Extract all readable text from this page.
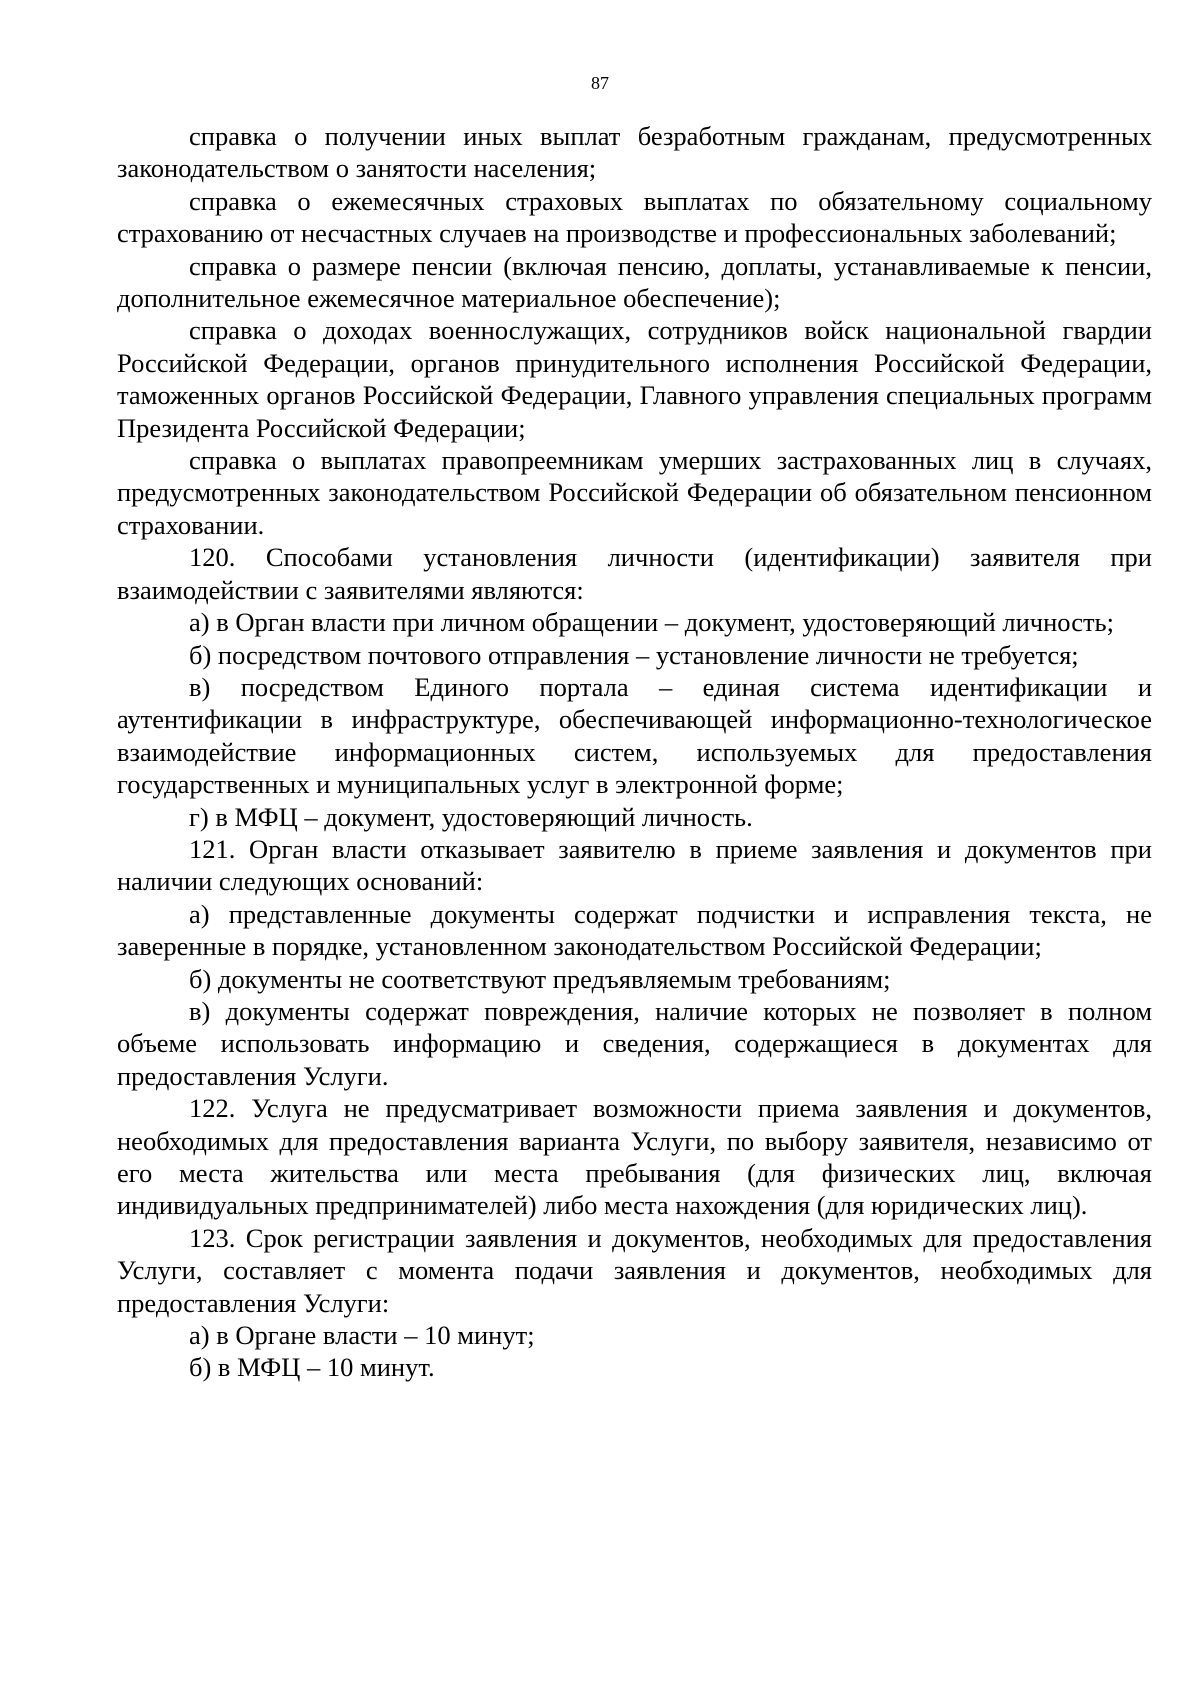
87

справка о получении иных выплат безработным гражданам, предусмотренных законодательством о занятости населения;

справка о ежемесячных страховых выплатах по обязательному социальному страхованию от несчастных случаев на производстве и профессиональных заболеваний;

справка о размере пенсии (включая пенсию, доплаты, устанавливаемые к пенсии, дополнительное ежемесячное материальное обеспечение);

справка о доходах военнослужащих, сотрудников войск национальной гвардии Российской Федерации, органов принудительного исполнения Российской Федерации, таможенных органов Российской Федерации, Главного управления специальных программ Президента Российской Федерации;

справка о выплатах правопреемникам умерших застрахованных лиц в случаях, предусмотренных законодательством Российской Федерации об обязательном пенсионном страховании.

120. Способами установления личности (идентификации) заявителя при взаимодействии с заявителями являются:

а) в Орган власти при личном обращении – документ, удостоверяющий личность;

б) посредством почтового отправления – установление личности не требуется;

в) посредством Единого портала – единая система идентификации и аутентификации в инфраструктуре, обеспечивающей информационно-технологическое взаимодействие информационных систем, используемых для предоставления государственных и муниципальных услуг в электронной форме;

г) в МФЦ – документ, удостоверяющий личность.

121. Орган власти отказывает заявителю в приеме заявления и документов при наличии следующих оснований:

а) представленные документы содержат подчистки и исправления текста, не заверенные в порядке, установленном законодательством Российской Федерации;

б) документы не соответствуют предъявляемым требованиям;

в) документы содержат повреждения, наличие которых не позволяет в полном объеме использовать информацию и сведения, содержащиеся в документах для предоставления Услуги.

122. Услуга не предусматривает возможности приема заявления и документов, необходимых для предоставления варианта Услуги, по выбору заявителя, независимо от его места жительства или места пребывания (для физических лиц, включая индивидуальных предпринимателей) либо места нахождения (для юридических лиц).

123. Срок регистрации заявления и документов, необходимых для предоставления Услуги, составляет с момента подачи заявления и документов, необходимых для предоставления Услуги:

а) в Органе власти – 10 минут;

б) в МФЦ – 10 минут.
